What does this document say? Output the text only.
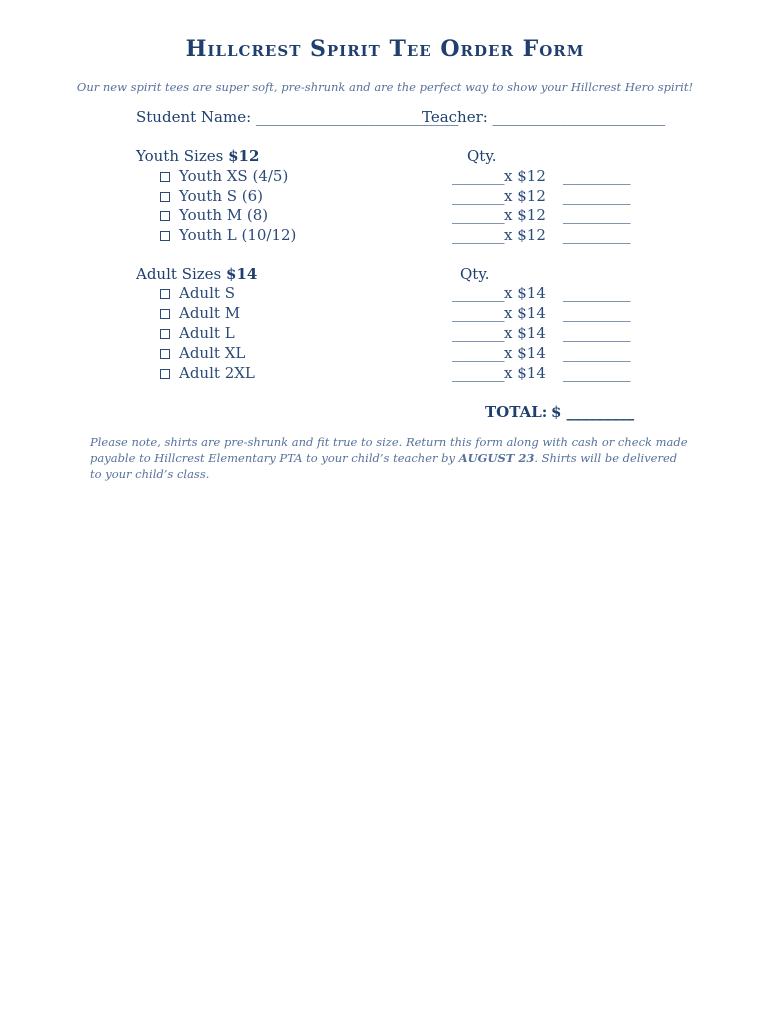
Hillcrest Spirit Tee Order Form
Our new spirit tees are super soft, pre-shrunk and are the perfect way to show your Hillcrest Hero spirit!
Student Name: ___________________________
Teacher: _______________________
Youth Sizes $12	Qty.
Youth XS (4/5)	_______ x $12 _________
Youth S (6)	_______ x $12 _________
Youth M (8)	_______ x $12 _________
Youth L (10/12)	_______ x $12 _________
Adult Sizes $14	Qty.
Adult S	_______ x $14 _________
Adult M	_______ x $14 _________
Adult L	_______ x $14 _________
Adult XL	_______ x $14 _________
Adult 2XL	_______ x $14 _________
TOTAL: $ _________
Please note, shirts are pre-shrunk and fit true to size. Return this form along with cash or check made payable to Hillcrest Elementary PTA to your child’s teacher by AUGUST 23. Shirts will be delivered to your child’s class.
